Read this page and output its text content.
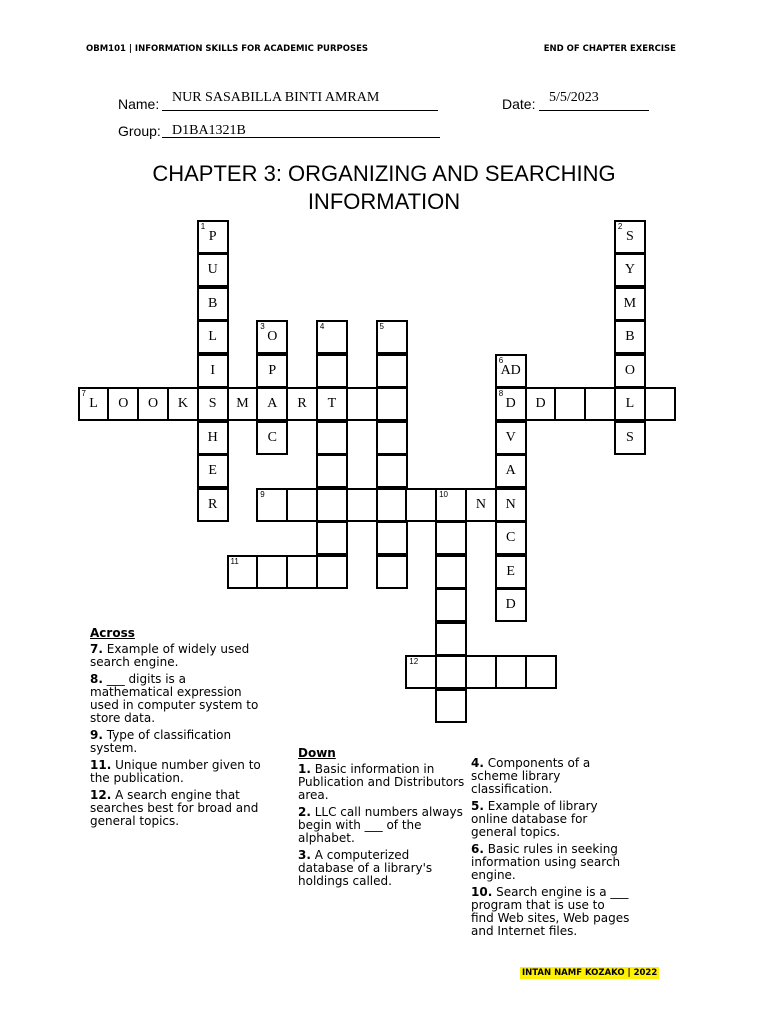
OBM101 | INFORMATION SKILLS FOR ACADEMIC PURPOSES	END OF CHAPTER EXERCISE
Name: NUR SASABILLA BINTI AMRAM	Date: 5/5/2023
Group: D1BA1321B
CHAPTER 3: ORGANIZING AND SEARCHING
INFORMATION
7
L	O	O	K	S	M	A	R	T
8
D	D	L
9	10
N	N
11
12
1
P
U
B
L
I
H
E
R
2
S
Y
M
B
O
S
3
O
P
C
4	5
6
AD
V
A
C
E
D
Across
7. Example of widely used search engine.
8. ___ digits is a mathematical expression used in computer system to store data.
9. Type of classification system.
11. Unique number given to the publication.
12. A search engine that searches best for broad and general topics.
Down
1. Basic information in Publication and Distributors area.
2. LLC call numbers always begin with ___ of the alphabet.
3. A computerized database of a library's holdings called.
4. Components of a scheme library classification.
5. Example of library online database for general topics.
6. Basic rules in seeking information using search engine.
10. Search engine is a ___ program that is use to find Web sites, Web pages and Internet files.
INTAN NAMF KOZAKO | 2022
